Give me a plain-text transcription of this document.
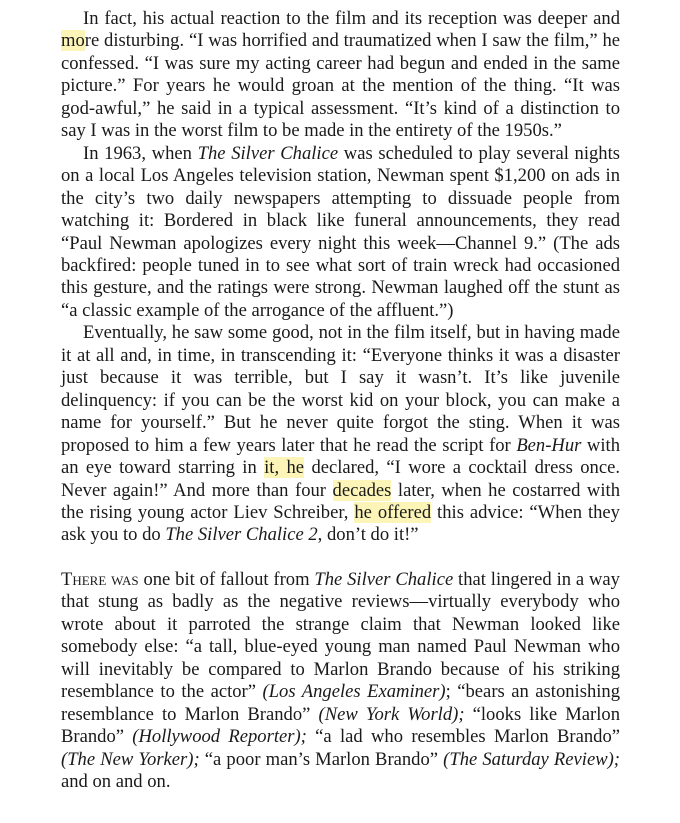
In fact, his actual reaction to the film and its reception was deeper and more disturbing. “I was horrified and traumatized when I saw the film,” he confessed. “I was sure my acting career had begun and ended in the same picture.” For years he would groan at the mention of the thing. “It was god-awful,” he said in a typical assessment. “It’s kind of a distinction to say I was in the worst film to be made in the entirety of the 1950s.”

In 1963, when The Silver Chalice was scheduled to play several nights on a local Los Angeles television station, Newman spent $1,200 on ads in the city’s two daily newspapers attempting to dissuade people from watching it: Bordered in black like funeral announcements, they read “Paul Newman apologizes every night this week—Channel 9.” (The ads backfired: people tuned in to see what sort of train wreck had occasioned this gesture, and the ratings were strong. Newman laughed off the stunt as “a classic example of the arrogance of the affluent.”)

Eventually, he saw some good, not in the film itself, but in having made it at all and, in time, in transcending it: “Everyone thinks it was a disaster just because it was terrible, but I say it wasn’t. It’s like juvenile delinquency: if you can be the worst kid on your block, you can make a name for yourself.” But he never quite forgot the sting. When it was proposed to him a few years later that he read the script for Ben-Hur with an eye toward starring in it, he declared, “I wore a cocktail dress once. Never again!” And more than four decades later, when he costarred with the rising young actor Liev Schreiber, he offered this advice: “When they ask you to do The Silver Chalice 2, don’t do it!”

There was one bit of fallout from The Silver Chalice that lingered in a way that stung as badly as the negative reviews—virtually everybody who wrote about it parroted the strange claim that Newman looked like somebody else: “a tall, blue-eyed young man named Paul Newman who will inevitably be compared to Marlon Brando because of his striking resemblance to the actor” (Los Angeles Examiner); “bears an astonishing resemblance to Marlon Brando” (New York World); “looks like Marlon Brando” (Hollywood Reporter); “a lad who resembles Marlon Brando” (The New Yorker); “a poor man’s Marlon Brando” (The Saturday Review); and on and on.
